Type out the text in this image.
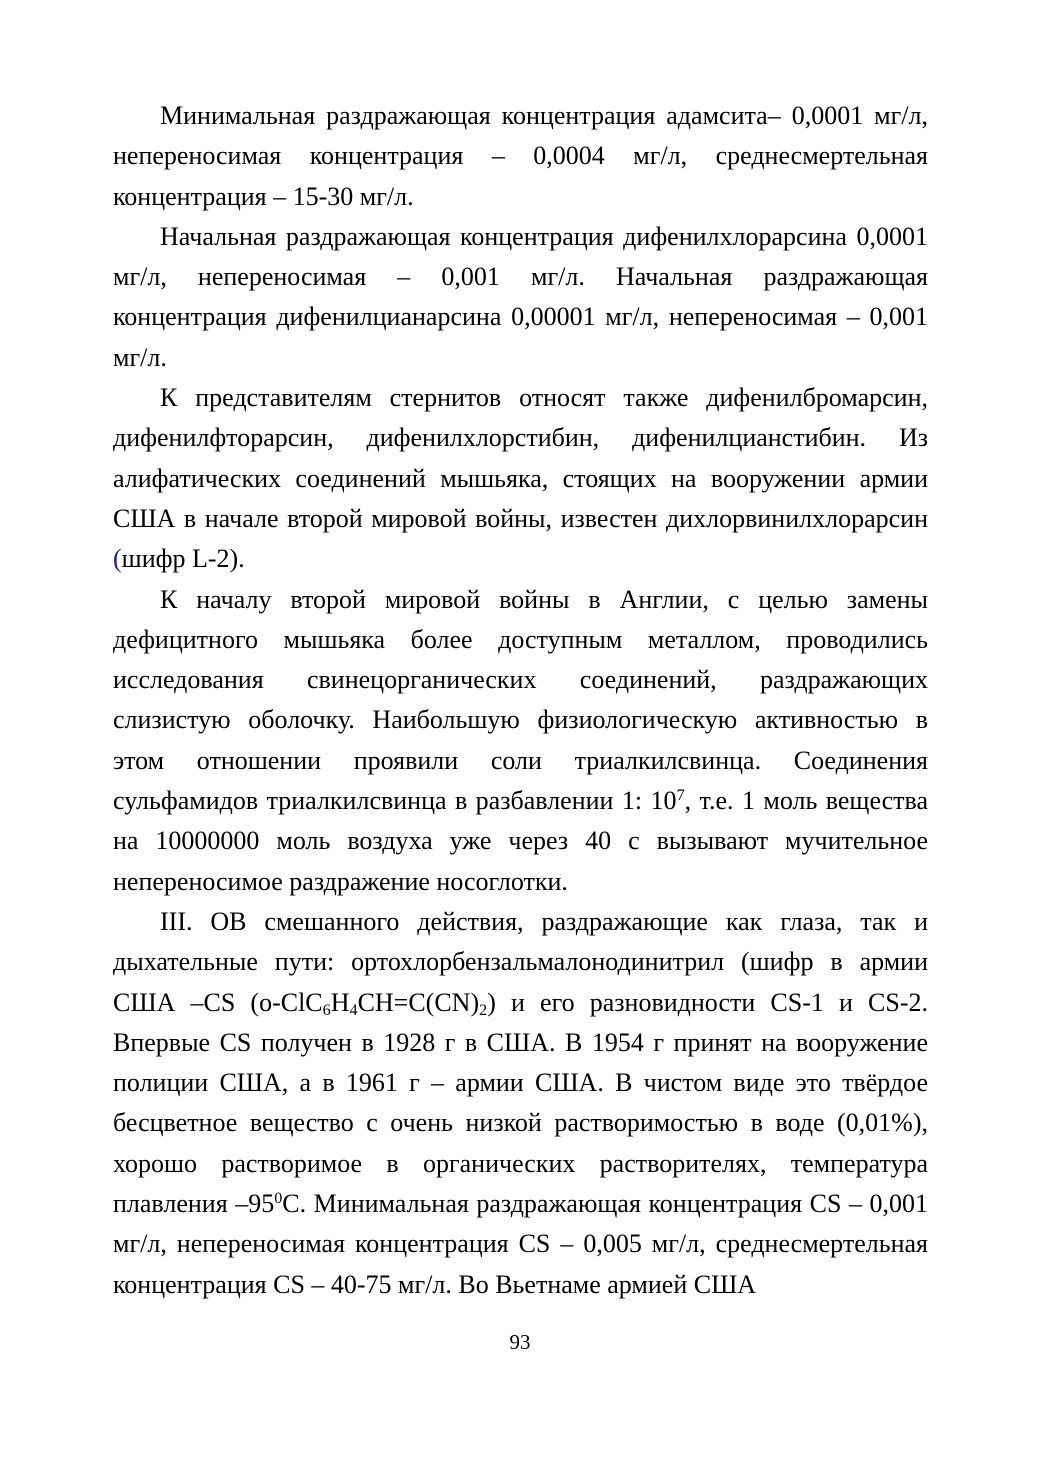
Минимальная раздражающая концентрация адамсита– 0,0001 мг/л, непереносимая концентрация – 0,0004 мг/л, среднесмертельная концентрация – 15-30 мг/л.

Начальная раздражающая концентрация дифенилхлорарсина 0,0001 мг/л, непереносимая – 0,001 мг/л. Начальная раздражающая концентрация дифенилцианарсина 0,00001 мг/л, непереносимая – 0,001 мг/л.

К представителям стернитов относят также дифенилбромарсин, дифенилфторарсин, дифенилхлорстибин, дифенилцианстибин. Из алифатических соединений мышьяка, стоящих на вооружении армии США в начале второй мировой войны, известен дихлорвинилхлорарсин (шифр L-2).

К началу второй мировой войны в Англии, с целью замены дефицитного мышьяка более доступным металлом, проводились исследования свинецорганических соединений, раздражающих слизистую оболочку. Наибольшую физиологическую активностью в этом отношении проявили соли триалкилсвинца. Соединения сульфамидов триалкилсвинца в разбавлении 1: $10^7$, т.е. 1 моль вещества на 10000000 моль воздуха уже через 40 с вызывают мучительное непереносимое раздражение носоглотки.

III. ОВ смешанного действия, раздражающие как глаза, так и дыхательные пути: ортохлорбензальмалонодинитрил (шифр в армии США –CS $(o-ClC_6H_4CH=C(CN)_2)$ и его разновидности CS-1 и CS-2. Впервые CS получен в 1928 г в США. В 1954 г принят на вооружение полиции США, а в 1961 г – армии США. В чистом виде это твёрдое бесцветное вещество с очень низкой растворимостью в воде (0,01%), хорошо растворимое в органических растворителях, температура плавления $-95^0С$. Минимальная раздражающая концентрация CS – 0,001 мг/л, непереносимая концентрация CS – 0,005 мг/л, среднесмертельная концентрация CS – 40-75 мг/л. Во Вьетнаме армией США

93
